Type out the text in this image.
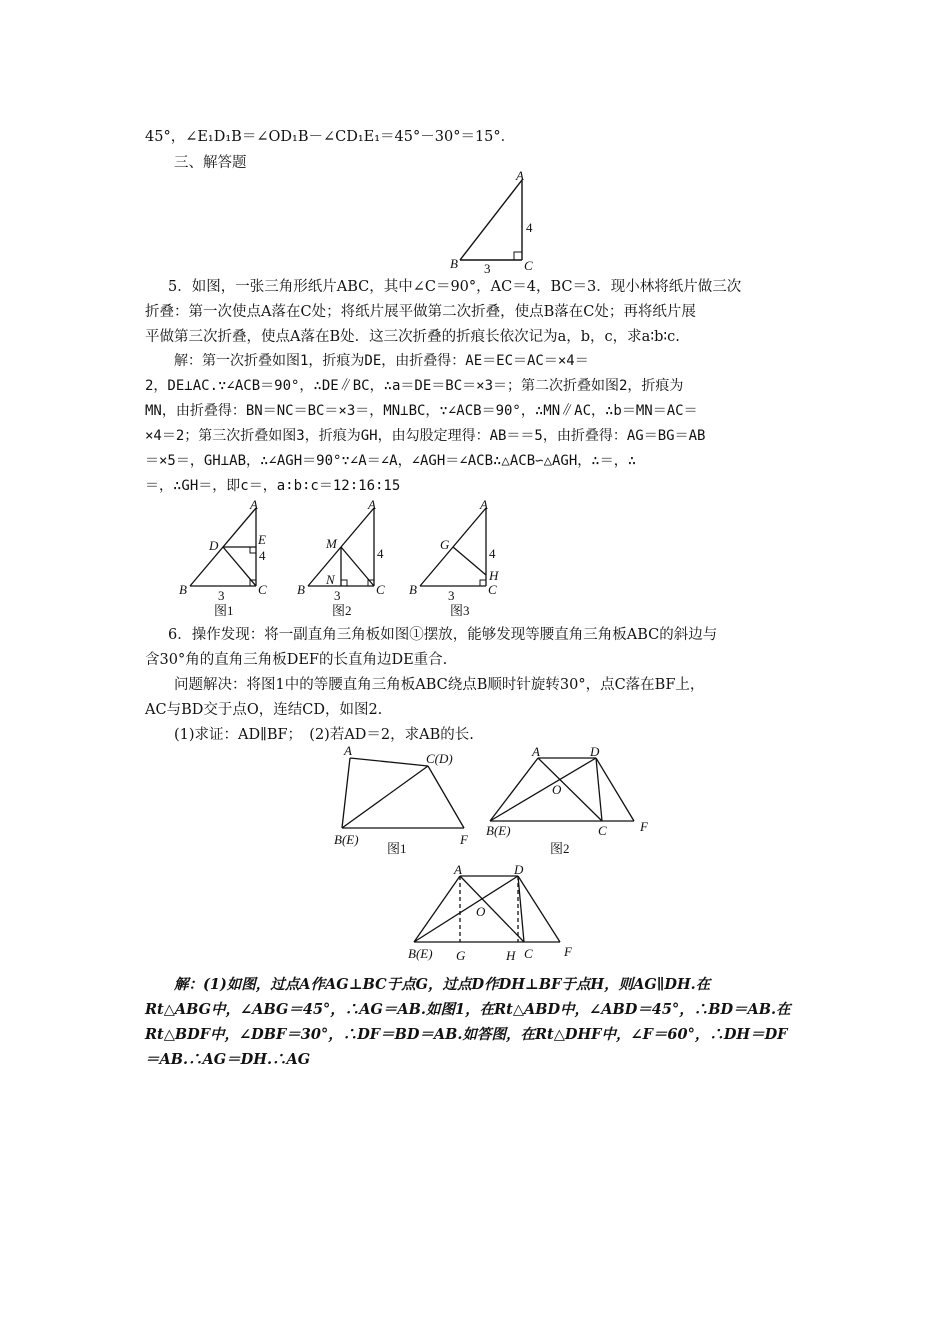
45°，∠E₁D₁B＝∠OD₁B－∠CD₁E₁＝45°－30°＝15°．
三、解答题
A
B	C
4
3
5．如图，一张三角形纸片ABC，其中∠C＝90°，AC＝4，BC＝3．现小林将纸片做三次
折叠：第一次使点A落在C处；将纸片展平做第二次折叠，使点B落在C处；再将纸片展
平做第三次折叠，使点A落在B处．这三次折叠的折痕长依次记为a，b，c，求a∶b∶c.
解：第一次折叠如图1，折痕为DE，由折叠得：AE＝EC＝AC＝×4＝
2，DE⊥AC.∵∠ACB＝90°，∴DE∥BC，∴a＝DE＝BC＝×3＝；第二次折叠如图2，折痕为
MN，由折叠得：BN＝NC＝BC＝×3＝，MN⊥BC，∵∠ACB＝90°，∴MN∥AC，∴b＝MN＝AC＝
×4＝2；第三次折叠如图3，折痕为GH，由勾股定理得：AB＝＝5，由折叠得：AG＝BG＝AB
＝×5＝，GH⊥AB，∴∠AGH＝90°∵∠A＝∠A，∠AGH＝∠ACB∴△ACB∽△AGH，∴＝，∴
＝，∴GH＝，即c＝，a∶b∶c＝12∶16∶15
A
D	E
4
B	C
3
图1
A
M
N
4
B	C
3
图2
A
G
4
H
B	C
3
图3
6．操作发现：将一副直角三角板如图①摆放，能够发现等腰直角三角板ABC的斜边与
含30°角的直角三角板DEF的长直角边DE重合.
问题解决：将图1中的等腰直角三角板ABC绕点B顺时针旋转30°，点C落在BF上，
AC与BD交于点O，连结CD，如图2.
(1)求证：AD∥BF；　(2)若AD＝2，求AB的长.
A
C(D)
B(E)	F
图1
A	D
O
B(E)	C	F
图2
A	D
O
B(E) G	H C F
解：(1)如图，过点A作AG⊥BC于点G，过点D作DH⊥BF于点H，则AG∥DH.在
Rt△ABG中，∠ABG＝45°，∴AG＝AB.如图1，在Rt△ABD中，∠ABD＝45°，∴BD＝AB.在
Rt△BDF中，∠DBF＝30°，∴DF＝BD＝AB.如答图，在Rt△DHF中，∠F＝60°，∴DH＝DF
＝AB.∴AG＝DH.∴AG
